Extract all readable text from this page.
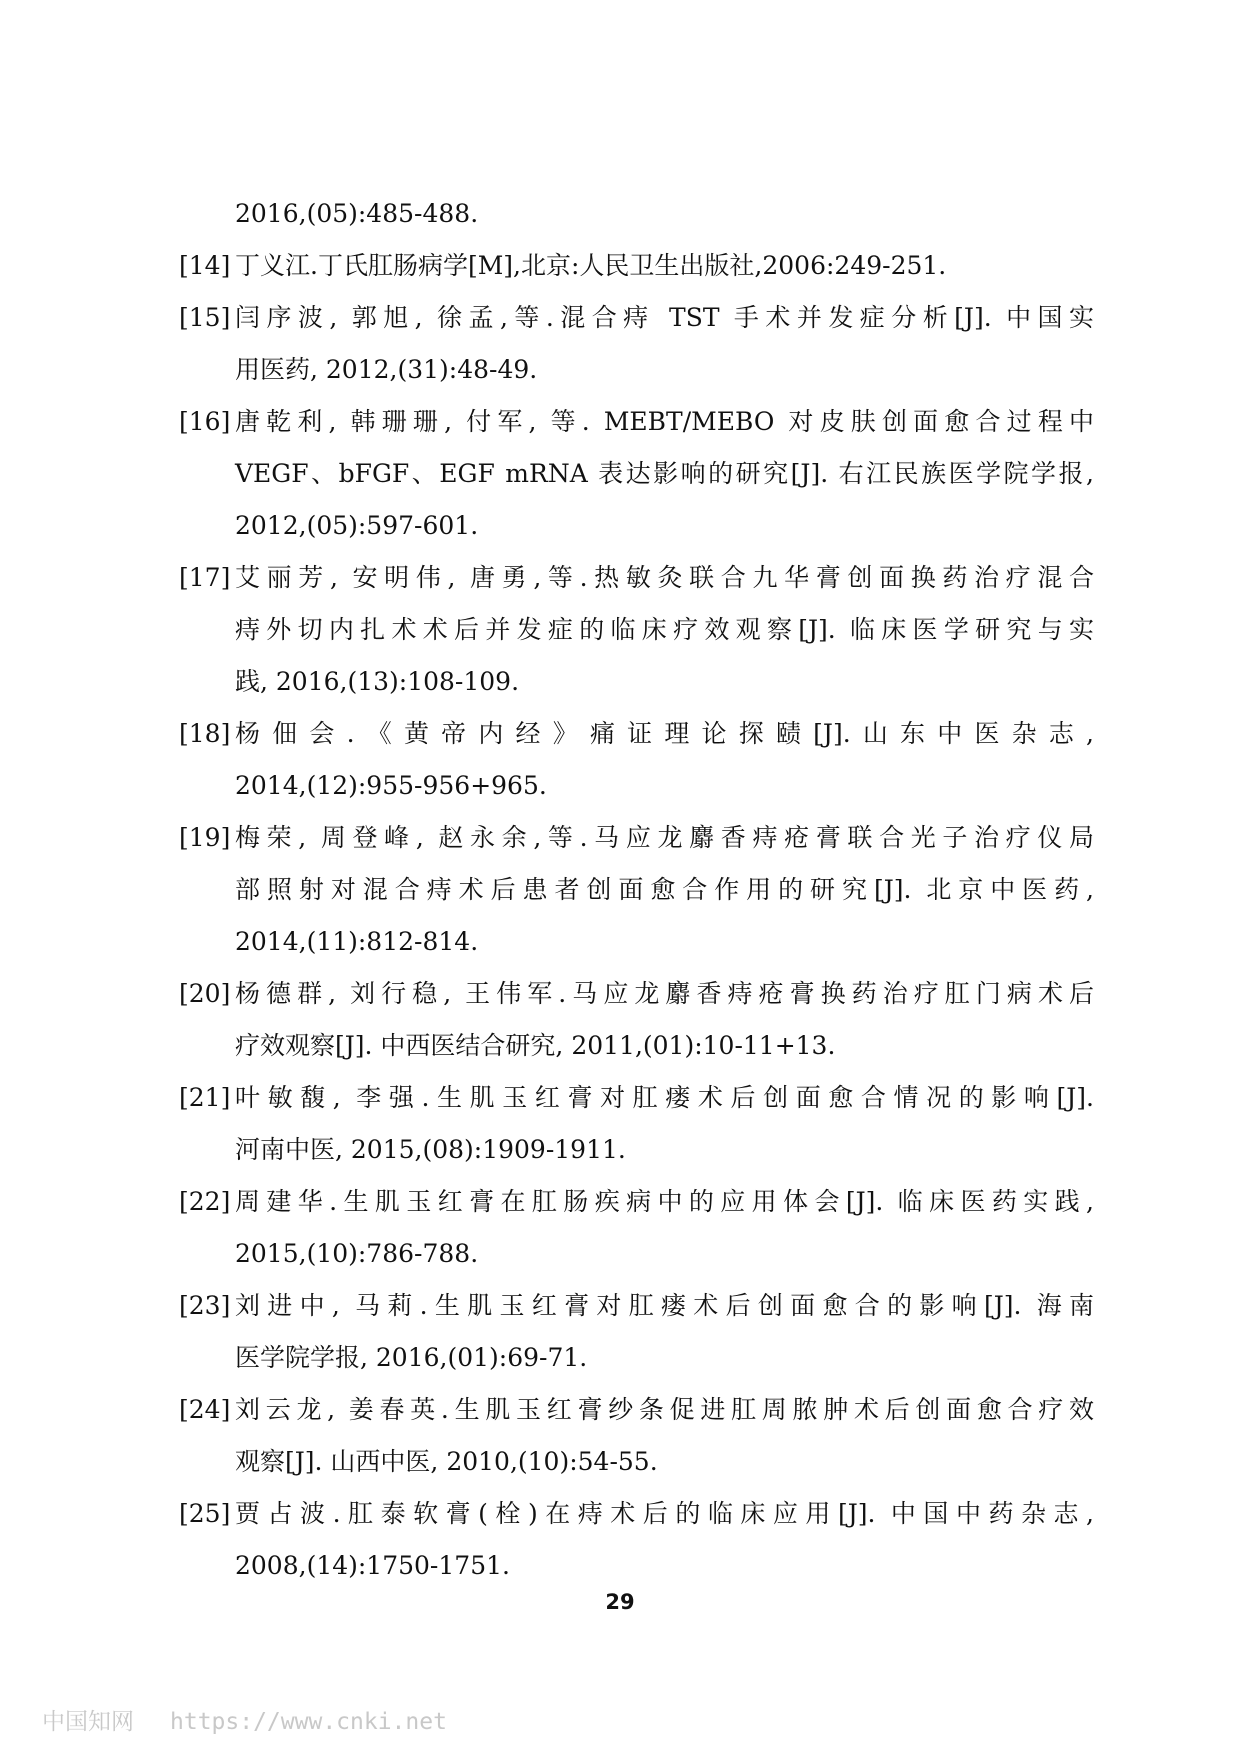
2016,(05):485-488.
[14] 丁义江.丁氏肛肠病学[M],北京:人民卫生出版社,2006:249-251.
[15] 闫序波, 郭旭, 徐孟,等.混合痔 TST 手术并发症分析[J]. 中国实
用医药, 2012,(31):48-49.
[16] 唐乾利, 韩珊珊, 付军, 等. MEBT/MEBO 对皮肤创面愈合过程中
VEGF、bFGF、EGF mRNA 表达影响的研究[J]. 右江民族医学院学报,
2012,(05):597-601.
[17] 艾丽芳, 安明伟, 唐勇,等.热敏灸联合九华膏创面换药治疗混合
痔外切内扎术术后并发症的临床疗效观察[J]. 临床医学研究与实
践, 2016,(13):108-109.
[18] 杨佃会.《黄帝内经》痛证理论探赜[J].山东中医杂志,
2014,(12):955-956+965.
[19] 梅荣, 周登峰, 赵永余,等.马应龙麝香痔疮膏联合光子治疗仪局
部照射对混合痔术后患者创面愈合作用的研究[J]. 北京中医药,
2014,(11):812-814.
[20] 杨德群, 刘行稳, 王伟军.马应龙麝香痔疮膏换药治疗肛门病术后
疗效观察[J]. 中西医结合研究, 2011,(01):10-11+13.
[21] 叶敏馥, 李强.生肌玉红膏对肛瘘术后创面愈合情况的影响[J].
河南中医, 2015,(08):1909-1911.
[22] 周建华.生肌玉红膏在肛肠疾病中的应用体会[J]. 临床医药实践,
2015,(10):786-788.
[23] 刘进中, 马莉.生肌玉红膏对肛瘘术后创面愈合的影响[J]. 海南
医学院学报, 2016,(01):69-71.
[24] 刘云龙, 姜春英.生肌玉红膏纱条促进肛周脓肿术后创面愈合疗效
观察[J]. 山西中医, 2010,(10):54-55.
[25] 贾占波.肛泰软膏(栓)在痔术后的临床应用[J]. 中国中药杂志,
2008,(14):1750-1751.
29
中国知网 https://www.cnki.net
